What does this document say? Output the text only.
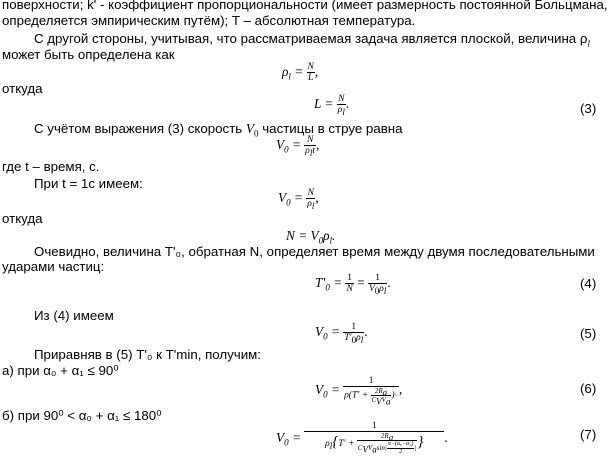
поверхности; k' - коэффициент пропорциональности (имеет размерность постоянной Больцмана,
определяется эмпирическим путём); T – абсолютная температура.
С другой стороны, учитывая, что рассматриваемая задача является плоской, величина $\rho_l$
может быть определена как
$\rho_l = \frac{N}{L}$ ,
откуда
$L = \frac{N}{\rho_l}$ .	(3)
С учётом выражения (3) скорость $V_0$ частицы в струе равна
$V_0 = \frac{N}{\rho_lt}$ ,
где t – время, с.
При t = 1с имеем:
$V_0 = \frac{N}{\rho_l}$ ,
откуда
$N = V_0\rho_l$.
Очевидно, величина T'₀, обратная N, определяет время между двумя последовательными
ударами частиц:
$T'_0 = \frac{1}{N} = \frac{1}{V_0\rho_l}$ .	(4)
Из (4) имеем
$V_0 = \frac{1}{T'_0\rho_l}$ .	(5)
Приравняв в (5) T'₀ к T'min, получим:
а) при α₀ + α₁ ≤ 90⁰
$V_0 = \frac{1}{\rho(T' + \frac{2R_a}{C_VV_a} )▫}$ ,	(6)
б) при 90⁰ < α₀ + α₁ ≤ 180⁰
$V_0 = \frac{1}{\rho_l\{T' + \frac{2R_a}{C_VV_a\sin| \frac{\text{π−(α₀−α₁)}}{2} |} \}}$ .	(7)
